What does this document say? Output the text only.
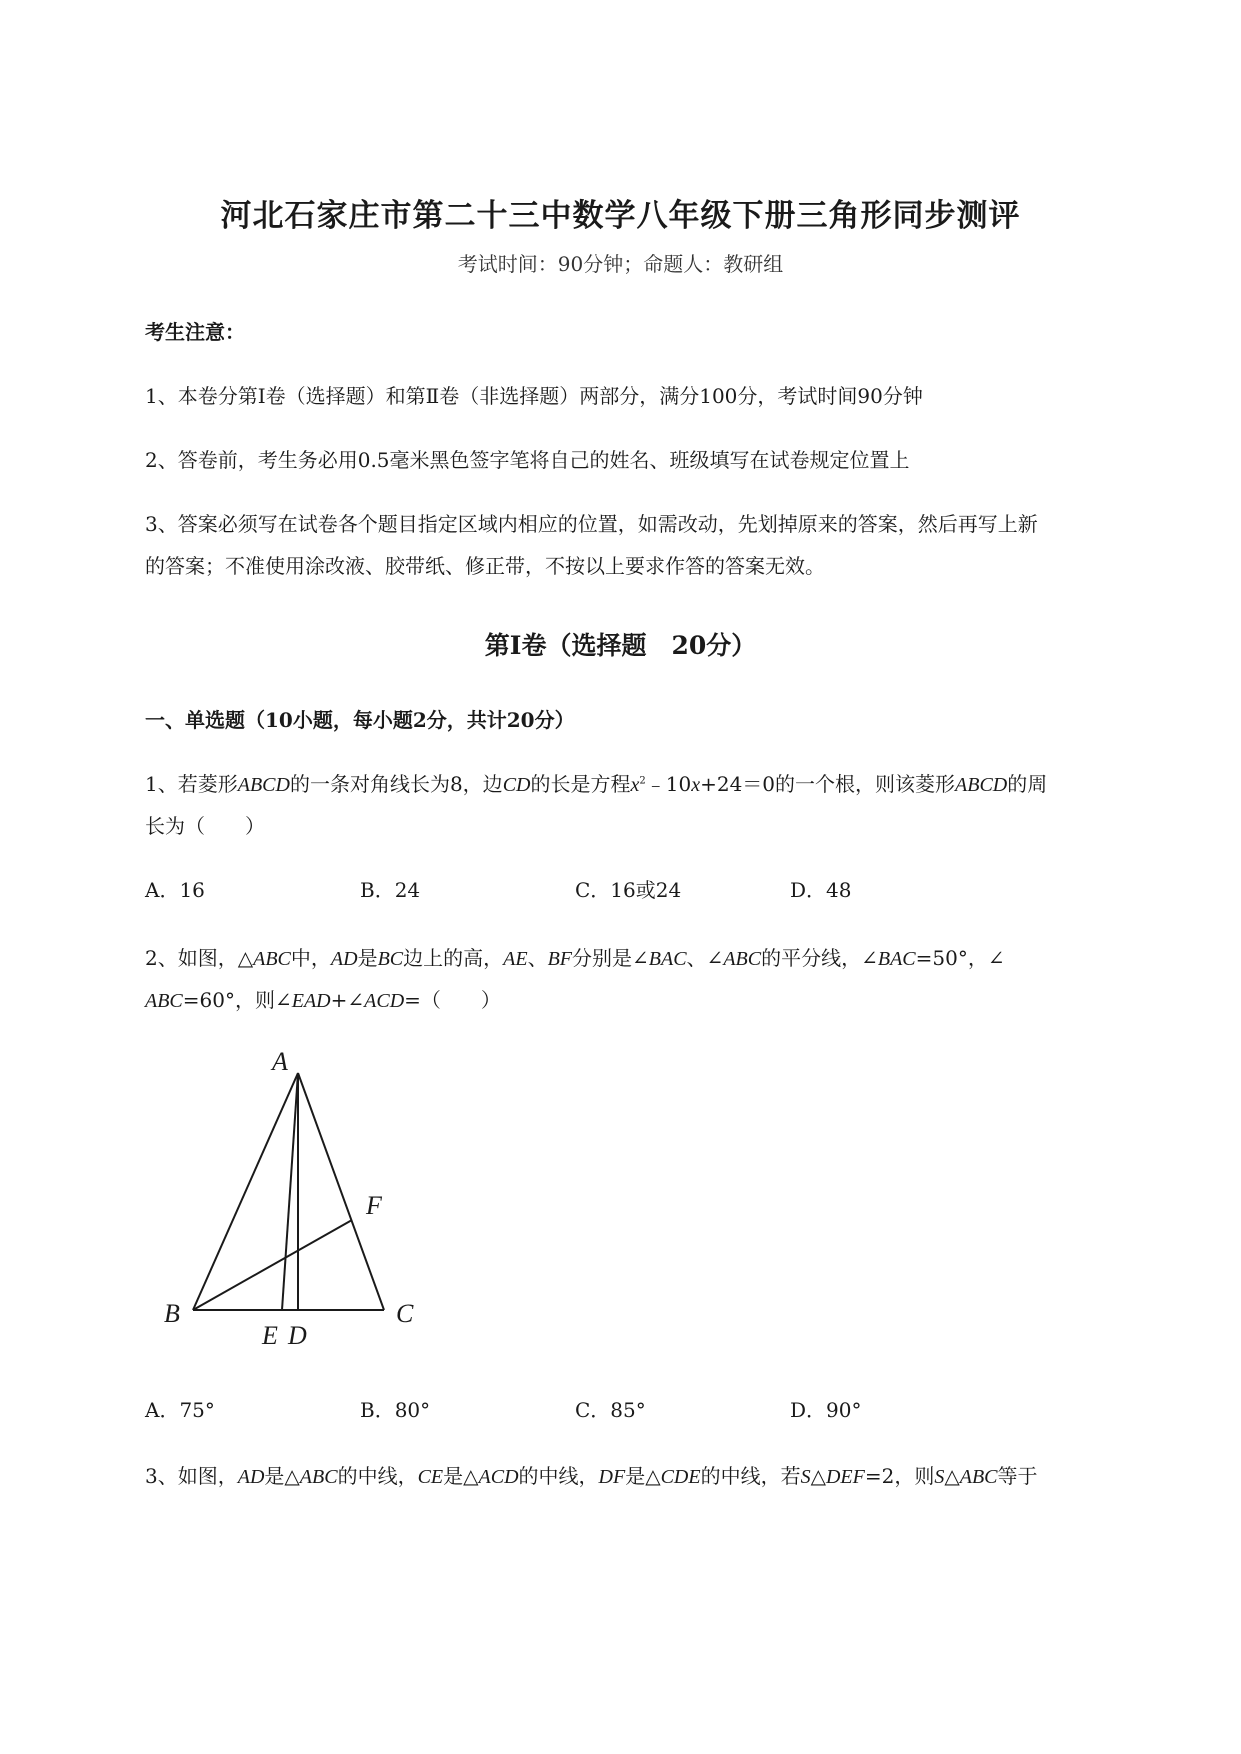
河北石家庄市第二十三中数学八年级下册三角形同步测评
考试时间：90分钟；命题人：教研组
考生注意：
1、本卷分第Ⅰ卷（选择题）和第Ⅱ卷（非选择题）两部分，满分100分，考试时间90分钟
2、答卷前，考生务必用0.5毫米黑色签字笔将自己的姓名、班级填写在试卷规定位置上
3、答案必须写在试卷各个题目指定区域内相应的位置，如需改动，先划掉原来的答案，然后再写上新
的答案；不准使用涂改液、胶带纸、修正带，不按以上要求作答的答案无效。
第Ⅰ卷（选择题　20分）
一、单选题（10小题，每小题2分，共计20分）
1、若菱形ABCD的一条对角线长为8，边CD的长是方程$x^2﹣10x+24=0$的一个根，则该菱形ABCD的周
长为（　　）
A．16	B．24	C．16或24	D．48
2、如图，△ABC中，AD是BC边上的高，AE、BF分别是∠BAC、∠ABC的平分线，∠BAC=50°，∠
ABC=60°，则∠EAD+∠ACD=（　　）
A
B	C
E D
F
A．75°	B．80°	C．85°	D．90°
3、如图，AD是△ABC的中线，CE是△ACD的中线，DF是△CDE的中线，若S△DEF=2，则S△ABC等于
